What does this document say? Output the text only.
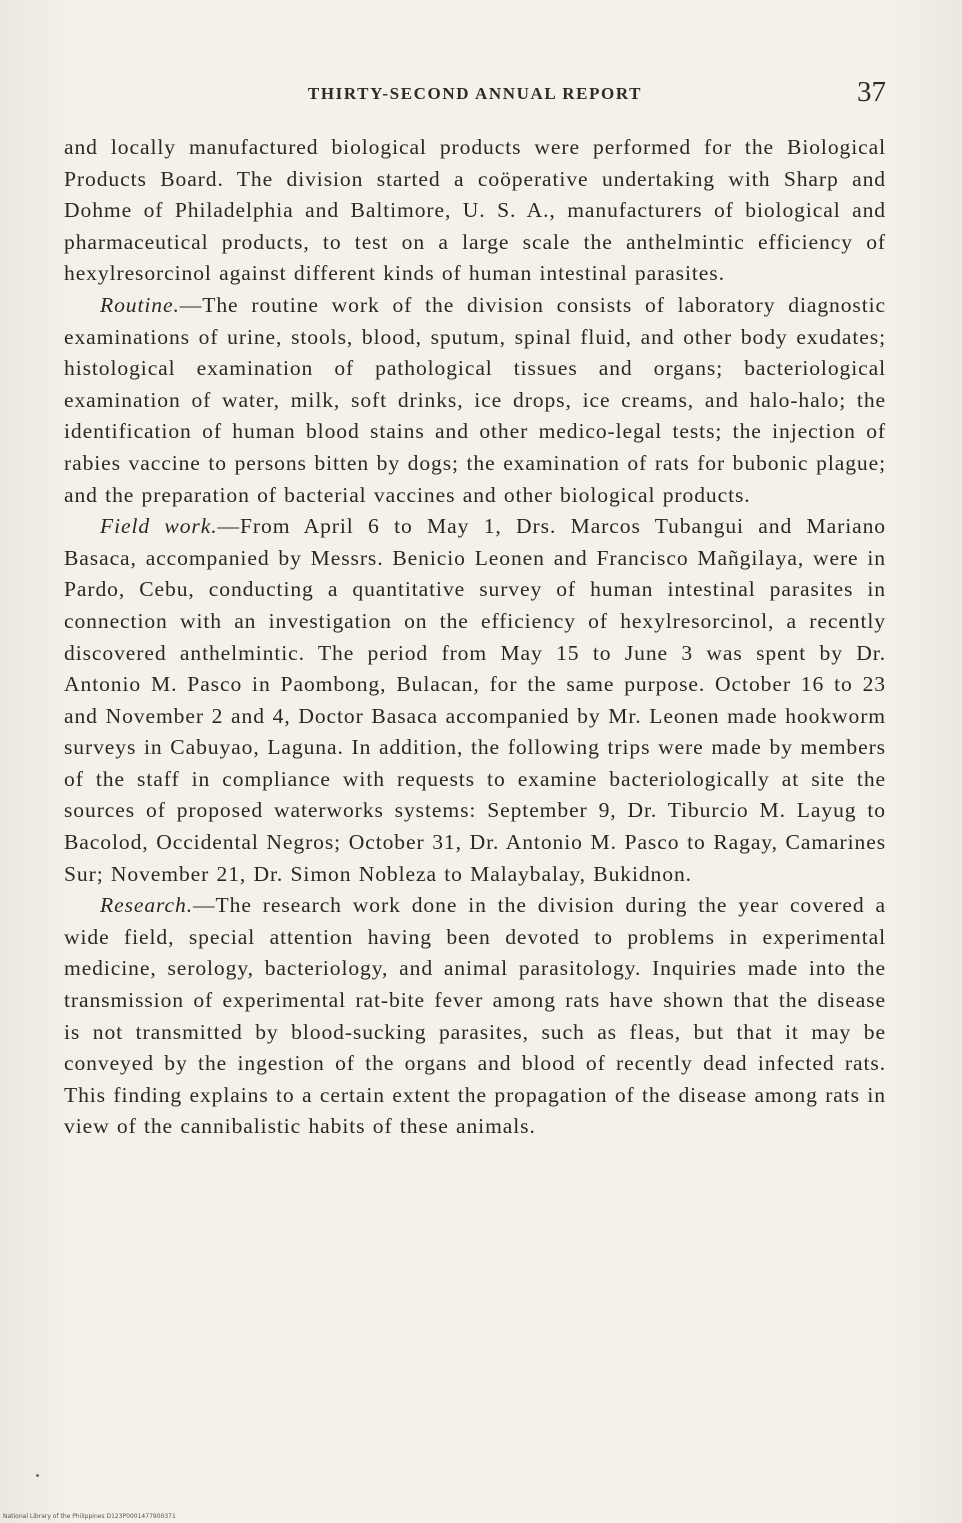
THIRTY-SECOND ANNUAL REPORT	37

and locally manufactured biological products were performed for the Biological Products Board. The division started a coöperative undertaking with Sharp and Dohme of Philadelphia and Baltimore, U. S. A., manufacturers of biological and pharmaceutical products, to test on a large scale the anthelmintic efficiency of hexylresorcinol against different kinds of human intestinal parasites.

Routine.—The routine work of the division consists of laboratory diagnostic examinations of urine, stools, blood, sputum, spinal fluid, and other body exudates; histological examination of pathological tissues and organs; bacteriological examination of water, milk, soft drinks, ice drops, ice creams, and halo-halo; the identification of human blood stains and other medico-legal tests; the injection of rabies vaccine to persons bitten by dogs; the examination of rats for bubonic plague; and the preparation of bacterial vaccines and other biological products.

Field work.—From April 6 to May 1, Drs. Marcos Tubangui and Mariano Basaca, accompanied by Messrs. Benicio Leonen and Francisco Mañgilaya, were in Pardo, Cebu, conducting a quantitative survey of human intestinal parasites in connection with an investigation on the efficiency of hexylresorcinol, a recently discovered anthelmintic. The period from May 15 to June 3 was spent by Dr. Antonio M. Pasco in Paombong, Bulacan, for the same purpose. October 16 to 23 and November 2 and 4, Doctor Basaca accompanied by Mr. Leonen made hookworm surveys in Cabuyao, Laguna. In addition, the following trips were made by members of the staff in compliance with requests to examine bacteriologically at site the sources of proposed waterworks systems: September 9, Dr. Tiburcio M. Layug to Bacolod, Occidental Negros; October 31, Dr. Antonio M. Pasco to Ragay, Camarines Sur; November 21, Dr. Simon Nobleza to Malaybalay, Bukidnon.

Research.—The research work done in the division during the year covered a wide field, special attention having been devoted to problems in experimental medicine, serology, bacteriology, and animal parasitology. Inquiries made into the transmission of experimental rat-bite fever among rats have shown that the disease is not transmitted by blood-sucking parasites, such as fleas, but that it may be conveyed by the ingestion of the organs and blood of recently dead infected rats. This finding explains to a certain extent the propagation of the disease among rats in view of the cannibalistic habits of these animals.

National Library of the Philippines D123P0001477900371
